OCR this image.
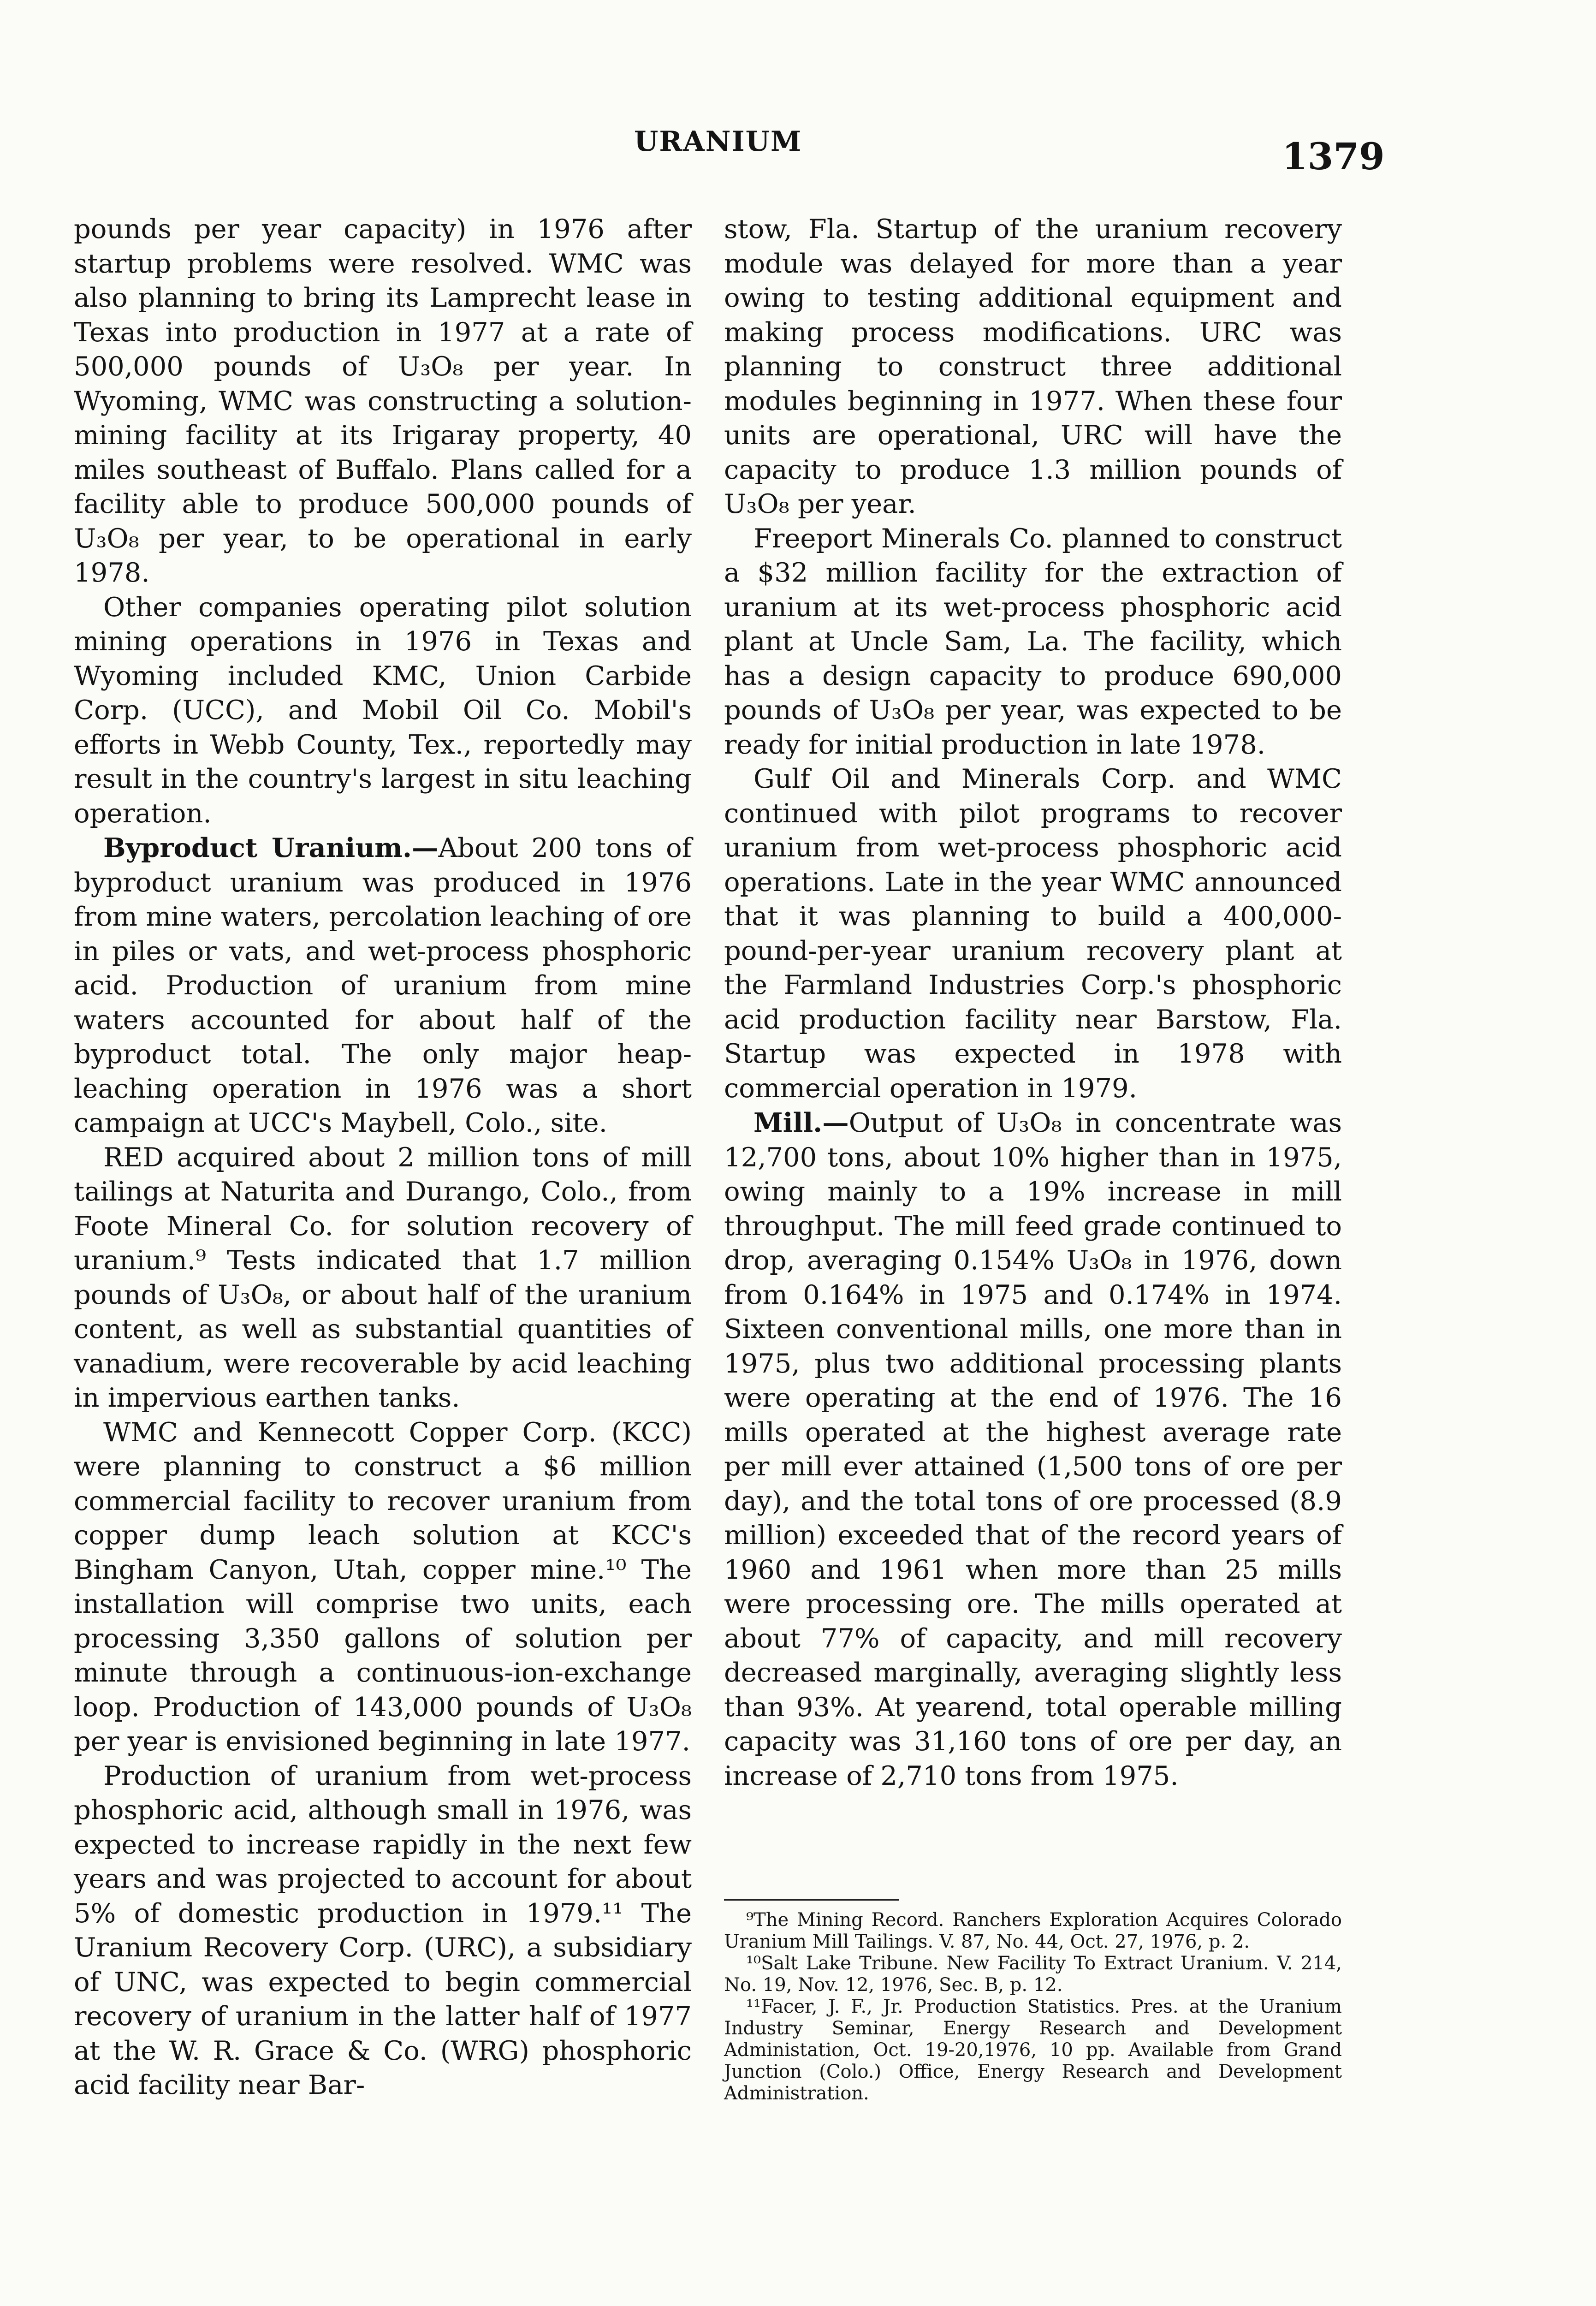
URANIUM	1379

pounds per year capacity) in 1976 after startup problems were resolved. WMC was also planning to bring its Lamprecht lease in Texas into production in 1977 at a rate of 500,000 pounds of U₃O₈ per year. In Wyoming, WMC was constructing a solution-mining facility at its Irigaray property, 40 miles southeast of Buffalo. Plans called for a facility able to produce 500,000 pounds of U₃O₈ per year, to be operational in early 1978.

Other companies operating pilot solution mining operations in 1976 in Texas and Wyoming included KMC, Union Carbide Corp. (UCC), and Mobil Oil Co. Mobil's efforts in Webb County, Tex., reportedly may result in the country's largest in situ leaching operation.

Byproduct Uranium.—About 200 tons of byproduct uranium was produced in 1976 from mine waters, percolation leaching of ore in piles or vats, and wet-process phosphoric acid. Production of uranium from mine waters accounted for about half of the byproduct total. The only major heap-leaching operation in 1976 was a short campaign at UCC's Maybell, Colo., site.

RED acquired about 2 million tons of mill tailings at Naturita and Durango, Colo., from Foote Mineral Co. for solution recovery of uranium.⁹ Tests indicated that 1.7 million pounds of U₃O₈, or about half of the uranium content, as well as substantial quantities of vanadium, were recoverable by acid leaching in impervious earthen tanks.

WMC and Kennecott Copper Corp. (KCC) were planning to construct a $6 million commercial facility to recover uranium from copper dump leach solution at KCC's Bingham Canyon, Utah, copper mine.¹⁰ The installation will comprise two units, each processing 3,350 gallons of solution per minute through a continuous-ion-exchange loop. Production of 143,000 pounds of U₃O₈ per year is envisioned beginning in late 1977.

Production of uranium from wet-process phosphoric acid, although small in 1976, was expected to increase rapidly in the next few years and was projected to account for about 5% of domestic production in 1979.¹¹ The Uranium Recovery Corp. (URC), a subsidiary of UNC, was expected to begin commercial recovery of uranium in the latter half of 1977 at the W. R. Grace & Co. (WRG) phosphoric acid facility near Bar-

stow, Fla. Startup of the uranium recovery module was delayed for more than a year owing to testing additional equipment and making process modifications. URC was planning to construct three additional modules beginning in 1977. When these four units are operational, URC will have the capacity to produce 1.3 million pounds of U₃O₈ per year.

Freeport Minerals Co. planned to construct a $32 million facility for the extraction of uranium at its wet-process phosphoric acid plant at Uncle Sam, La. The facility, which has a design capacity to produce 690,000 pounds of U₃O₈ per year, was expected to be ready for initial production in late 1978.

Gulf Oil and Minerals Corp. and WMC continued with pilot programs to recover uranium from wet-process phosphoric acid operations. Late in the year WMC announced that it was planning to build a 400,000-pound-per-year uranium recovery plant at the Farmland Industries Corp.'s phosphoric acid production facility near Barstow, Fla. Startup was expected in 1978 with commercial operation in 1979.

Mill.—Output of U₃O₈ in concentrate was 12,700 tons, about 10% higher than in 1975, owing mainly to a 19% increase in mill throughput. The mill feed grade continued to drop, averaging 0.154% U₃O₈ in 1976, down from 0.164% in 1975 and 0.174% in 1974. Sixteen conventional mills, one more than in 1975, plus two additional processing plants were operating at the end of 1976. The 16 mills operated at the highest average rate per mill ever attained (1,500 tons of ore per day), and the total tons of ore processed (8.9 million) exceeded that of the record years of 1960 and 1961 when more than 25 mills were processing ore. The mills operated at about 77% of capacity, and mill recovery decreased marginally, averaging slightly less than 93%. At yearend, total operable milling capacity was 31,160 tons of ore per day, an increase of 2,710 tons from 1975.

⁹The Mining Record. Ranchers Exploration Acquires Colorado Uranium Mill Tailings. V. 87, No. 44, Oct. 27, 1976, p. 2.

¹⁰Salt Lake Tribune. New Facility To Extract Uranium. V. 214, No. 19, Nov. 12, 1976, Sec. B, p. 12.

¹¹Facer, J. F., Jr. Production Statistics. Pres. at the Uranium Industry Seminar, Energy Research and Development Administation, Oct. 19-20,1976, 10 pp. Available from Grand Junction (Colo.) Office, Energy Research and Development Administration.
